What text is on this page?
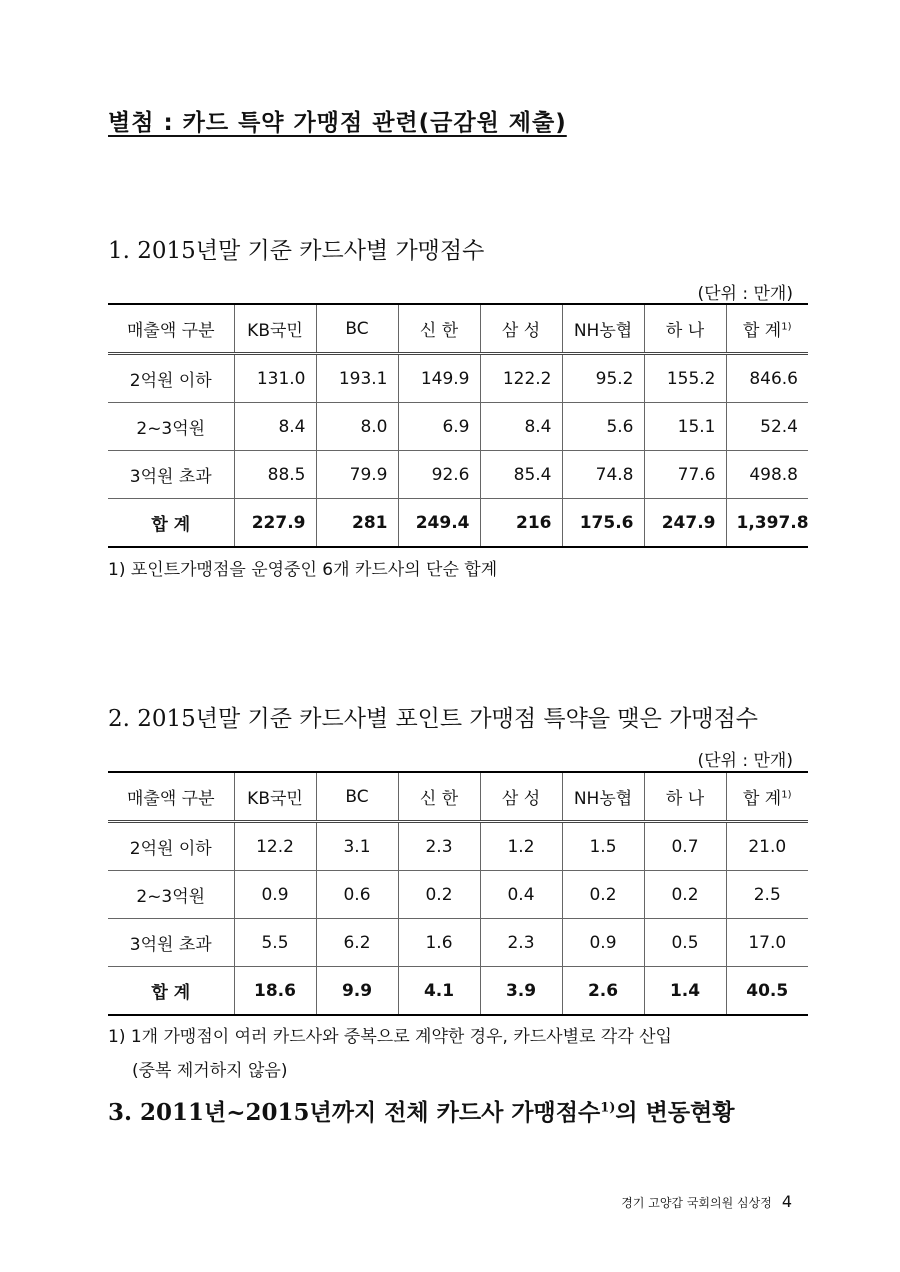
별첨 : 카드 특약 가맹점 관련(금감원 제출)
1. 2015년말 기준 카드사별 가맹점수
(단위 : 만개)
매출액 구분	KB국민	BC	신 한	삼 성	NH농협	하 나	합 계$^{1)}$
2억원 이하	131.0	193.1	149.9	122.2	95.2	155.2	846.6
2~3억원	8.4	8.0	6.9	8.4	5.6	15.1	52.4
3억원 초과	88.5	79.9	92.6	85.4	74.8	77.6	498.8
합 계	227.9	281	249.4	216	175.6	247.9	1,397.8
1) 포인트가맹점을 운영중인 6개 카드사의 단순 합계
2. 2015년말 기준 카드사별 포인트 가맹점 특약을 맺은 가맹점수
(단위 : 만개)
매출액 구분	KB국민	BC	신 한	삼 성	NH농협	하 나	합 계$^{1)}$
2억원 이하	12.2	3.1	2.3	1.2	1.5	0.7	21.0
2~3억원	0.9	0.6	0.2	0.4	0.2	0.2	2.5
3억원 초과	5.5	6.2	1.6	2.3	0.9	0.5	17.0
합 계	18.6	9.9	4.1	3.9	2.6	1.4	40.5
1) 1개 가맹점이 여러 카드사와 중복으로 계약한 경우, 카드사별로 각각 산입
(중복 제거하지 않음)
3. 2011년~2015년까지 전체 카드사 가맹점수$^{1)}$의 변동현황
경기 고양갑 국회의원 심상정 4
